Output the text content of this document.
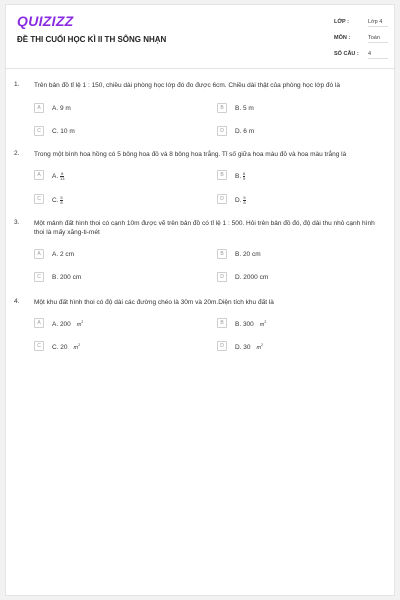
QUIZIZZ
ĐỀ THI CUỐI HỌC KÌ II TH SÔNG NHẠN
LỚP :	Lớp 4
MÔN :	Toán
SỐ CÂU : 4
1. Trên bản đồ tỉ lệ 1 : 150, chiều dài phòng học lớp đó đo được 6cm. Chiều dài thật của phòng học lớp đó là
A	A. 9 m	B	B. 5 m
C	C. 10 m	D	D. 6 m
2. Trong một bình hoa hồng có 5 bông hoa đỏ và 8 bông hoa trắng. Tỉ số giữa hoa màu đỏ và hoa màu trắng là
A	A. $\frac{8}{13}$	B	B. $\frac{8}{5}$
C	C. $\frac{5}{8}$	D	D. $\frac{5}{8}$
3. Một mảnh đất hình thoi có cạnh 10m được vẽ trên bản đồ có tỉ lệ 1 : 500. Hỏi trên bản đồ đó, độ dài thu nhỏ cạnh hình thoi là mấy xăng-ti-mét
A	A. 2 cm	B	B. 20 cm
C	B. 200 cm	D	D. 2000 cm
4. Một khu đất hình thoi có độ dài các đường chéo là 30m và 20m.Diện tích khu đất là
A	A. 200 $m^2$	B	B. 300 $m^2$
C	C. 20 $m^2$	D	D. 30 $m^2$
